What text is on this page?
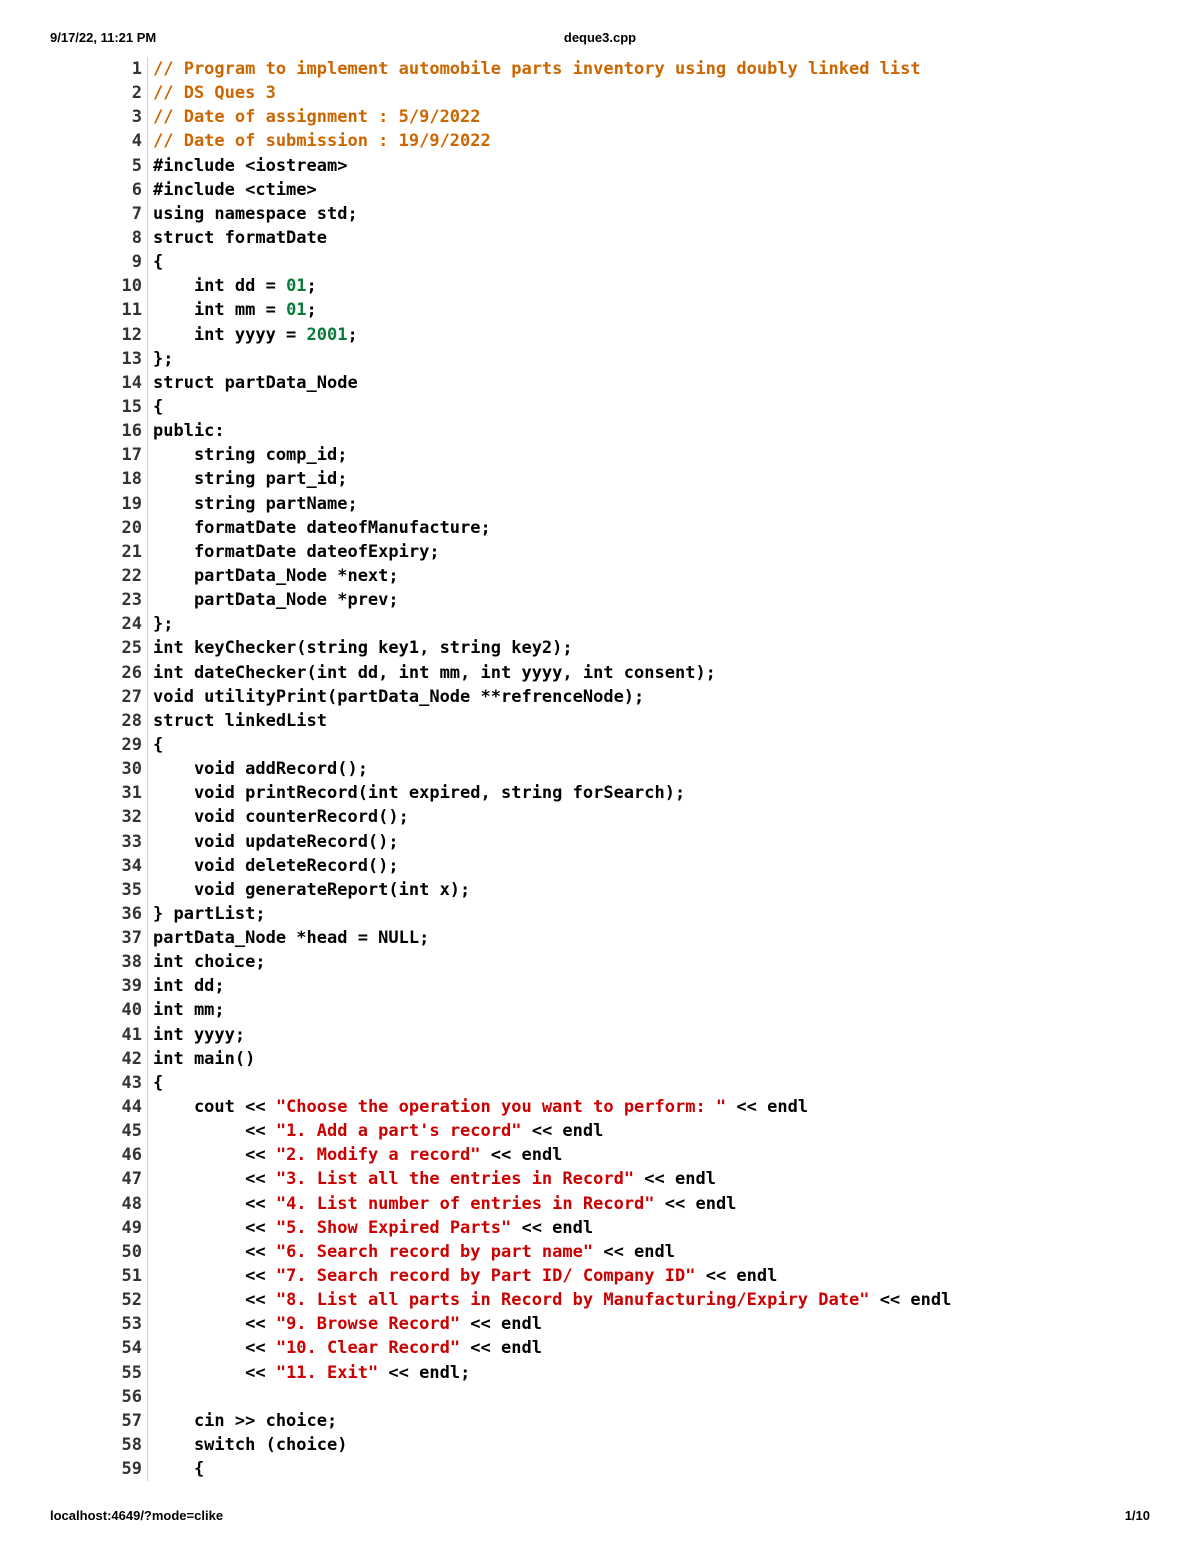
9/17/22, 11:21 PM	deque3.cpp
1 // Program to implement automobile parts inventory using doubly linked list
2 // DS Ques 3
3 // Date of assignment : 5/9/2022
4 // Date of submission : 19/9/2022
5 #include <iostream>
6 #include <ctime>
7 using namespace std;
8 struct formatDate
9 {
10 int dd = 01;
11 int mm = 01;
12 int yyyy = 2001;
13 };
14 struct partData_Node
15 {
16 public:
17 string comp_id;
18 string part_id;
19 string partName;
20 formatDate dateofManufacture;
21 formatDate dateofExpiry;
22 partData_Node *next;
23 partData_Node *prev;
24 };
25 int keyChecker(string key1, string key2);
26 int dateChecker(int dd, int mm, int yyyy, int consent);
27 void utilityPrint(partData_Node **refrenceNode);
28 struct linkedList
29 {
30 void addRecord();
31 void printRecord(int expired, string forSearch);
32 void counterRecord();
33 void updateRecord();
34 void deleteRecord();
35 void generateReport(int x);
36 } partList;
37 partData_Node *head = NULL;
38 int choice;
39 int dd;
40 int mm;
41 int yyyy;
42 int main()
43 {
44 cout << "Choose the operation you want to perform: " << endl
45 << "1. Add a part's record" << endl
46 << "2. Modify a record" << endl
47 << "3. List all the entries in Record" << endl
48 << "4. List number of entries in Record" << endl
49 << "5. Show Expired Parts" << endl
50 << "6. Search record by part name" << endl
51 << "7. Search record by Part ID/ Company ID" << endl
52 << "8. List all parts in Record by Manufacturing/Expiry Date" << endl
53 << "9. Browse Record" << endl
54 << "10. Clear Record" << endl
55 << "11. Exit" << endl;
56
57 cin >> choice;
58 switch (choice)
59 {
localhost:4649/?mode=clike	1/10
